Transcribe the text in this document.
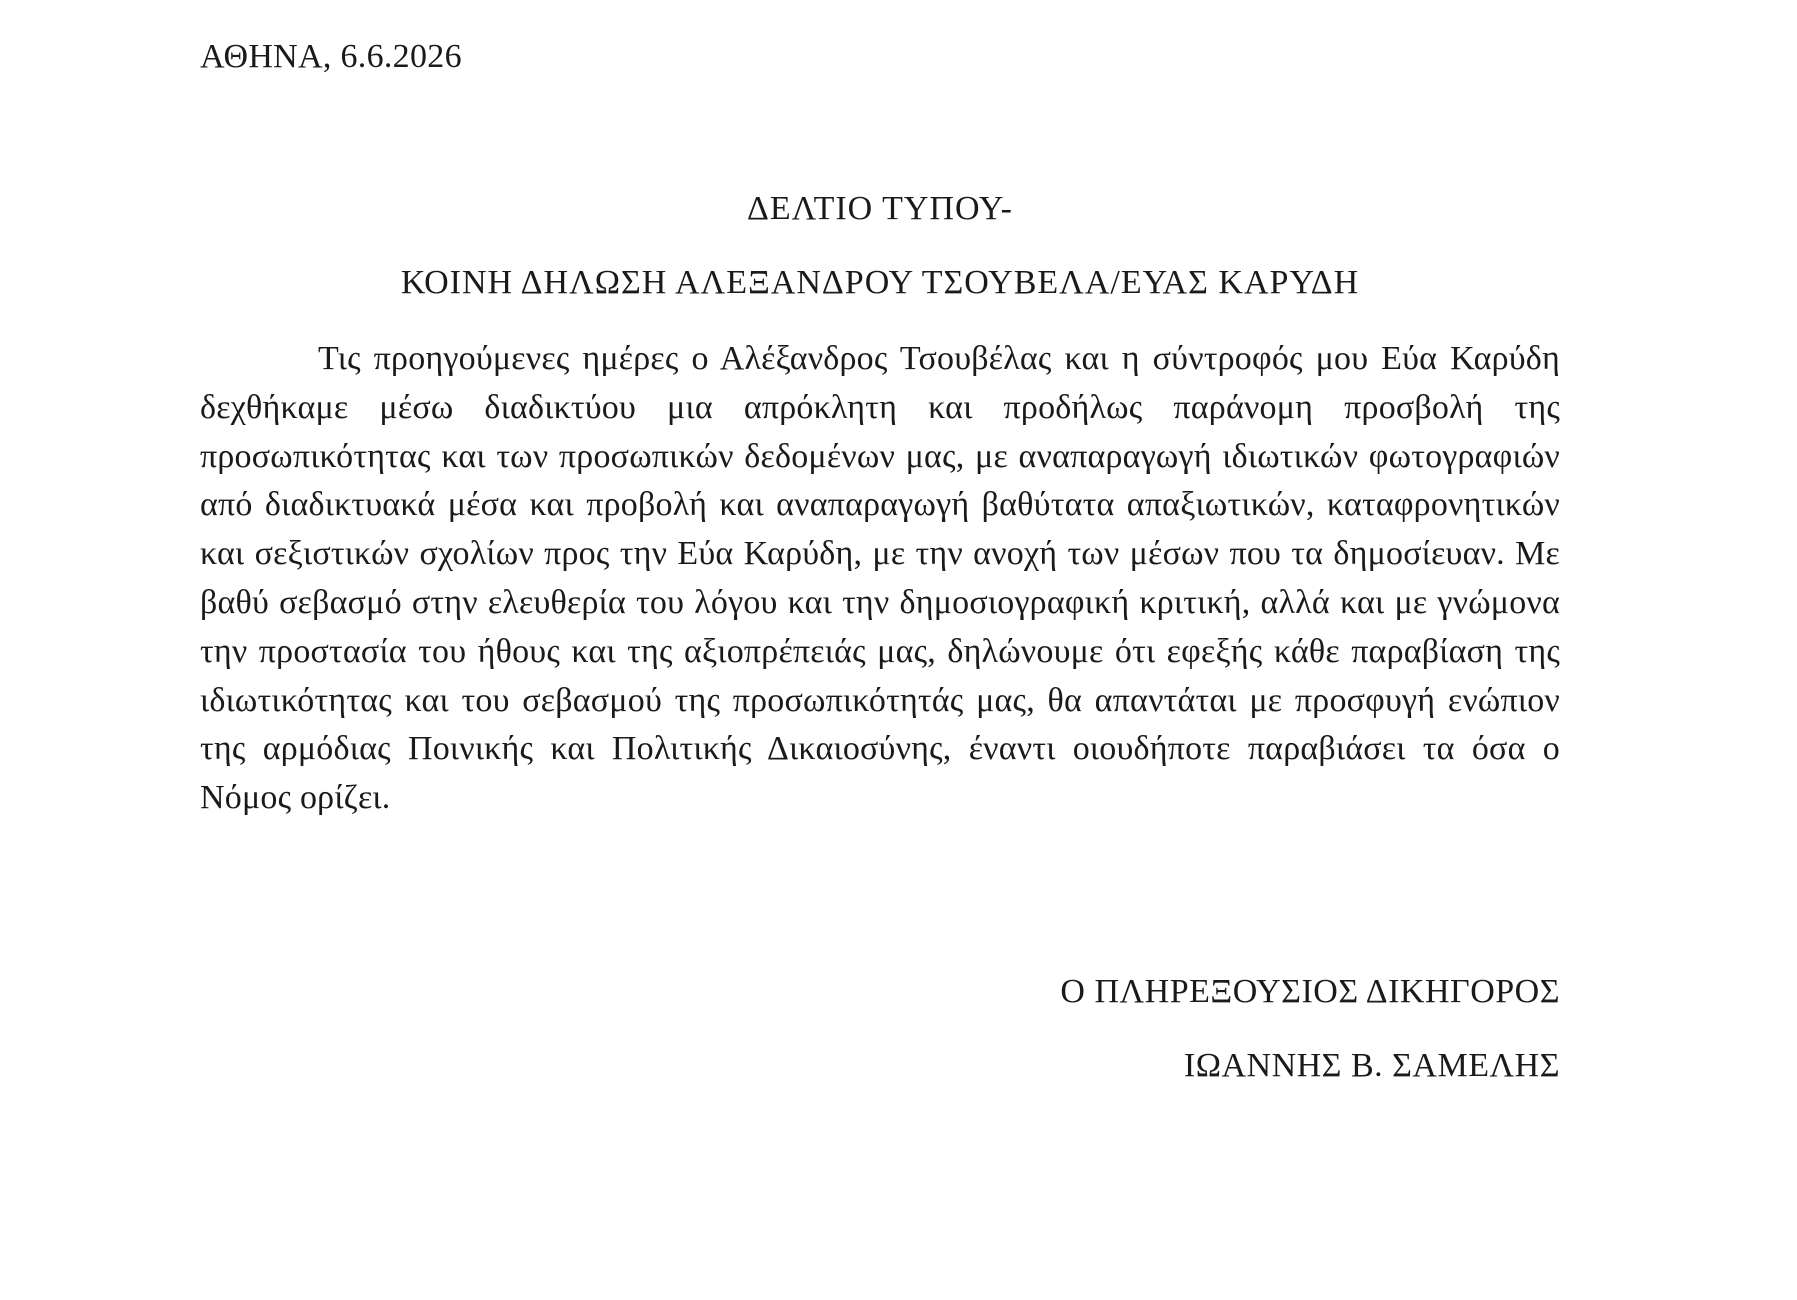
ΑΘΗΝΑ, 6.6.2026
ΔΕΛΤΙΟ ΤΥΠΟΥ-
ΚΟΙΝΗ ΔΗΛΩΣΗ ΑΛΕΞΑΝΔΡΟΥ ΤΣΟΥΒΕΛΑ/ΕΥΑΣ ΚΑΡΥΔΗ
Τις προηγούμενες ημέρες ο Αλέξανδρος Τσουβέλας και η σύντροφός μου Εύα Καρύδη δεχθήκαμε μέσω διαδικτύου μια απρόκλητη και προδήλως παράνομη προσβολή της προσωπικότητας και των προσωπικών δεδομένων μας, με αναπαραγωγή ιδιωτικών φωτογραφιών από διαδικτυακά μέσα και προβολή και αναπαραγωγή βαθύτατα απαξιωτικών, καταφρονητικών και σεξιστικών σχολίων προς την Εύα Καρύδη, με την ανοχή των μέσων που τα δημοσίευαν. Με βαθύ σεβασμό στην ελευθερία του λόγου και την δημοσιογραφική κριτική, αλλά και με γνώμονα την προστασία του ήθους και της αξιοπρέπειάς μας, δηλώνουμε ότι εφεξής κάθε παραβίαση της ιδιωτικότητας και του σεβασμού της προσωπικότητάς μας, θα απαντάται με προσφυγή ενώπιον της αρμόδιας Ποινικής και Πολιτικής Δικαιοσύνης, έναντι οιουδήποτε παραβιάσει τα όσα ο Νόμος ορίζει.
Ο ΠΛΗΡΕΞΟΥΣΙΟΣ ΔΙΚΗΓΟΡΟΣ
ΙΩΑΝΝΗΣ Β. ΣΑΜΕΛΗΣ
